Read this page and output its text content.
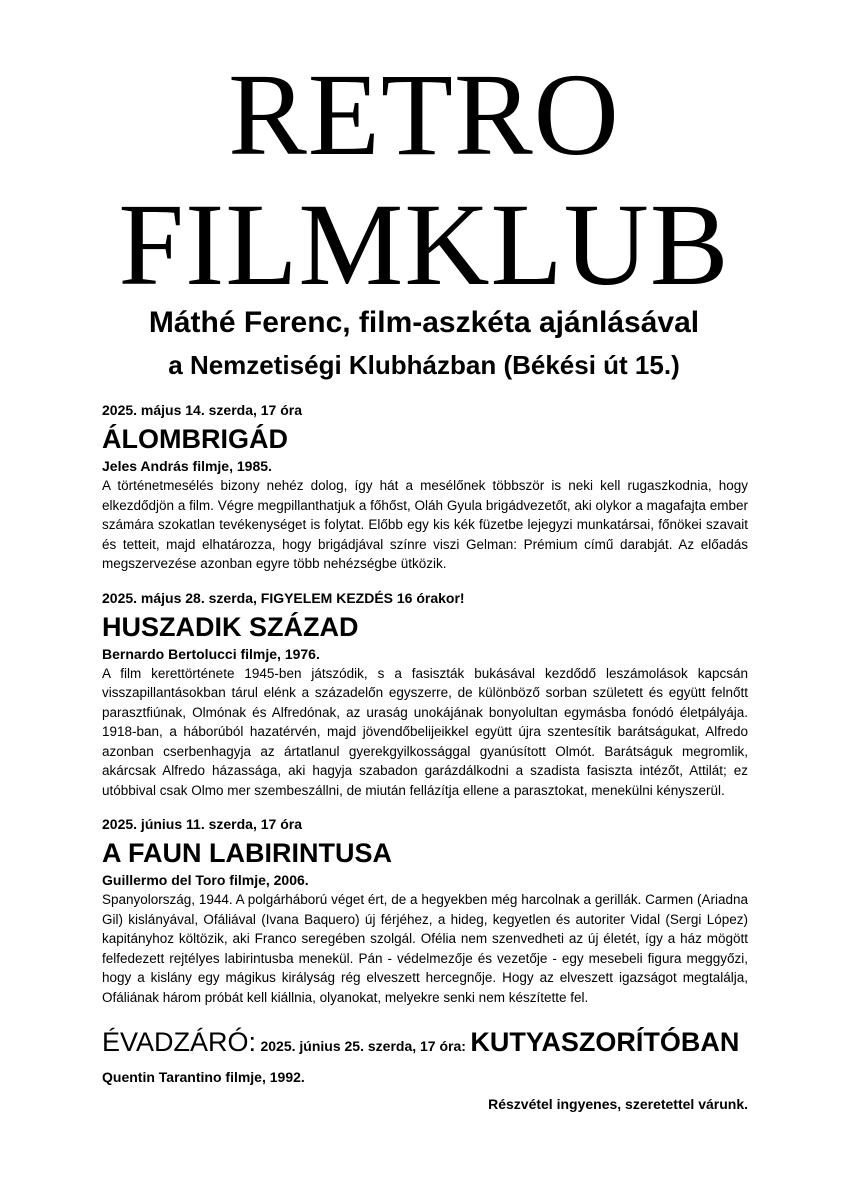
RETRO
FILMKLUB
Máthé Ferenc, film-aszkéta ajánlásával
a Nemzetiségi Klubházban (Békési út 15.)
2025. május 14. szerda, 17 óra
ÁLOMBRIGÁD
Jeles András filmje, 1985.
A történetmesélés bizony nehéz dolog, így hát a mesélőnek többször is neki kell rugaszkodnia, hogy elkezdődjön a film. Végre megpillanthatjuk a főhőst, Oláh Gyula brigádvezetőt, aki olykor a magafajta ember számára szokatlan tevékenységet is folytat. Előbb egy kis kék füzetbe lejegyzi munkatársai, főnökei szavait és tetteit, majd elhatározza, hogy brigádjával színre viszi Gelman: Prémium című darabját. Az előadás megszervezése azonban egyre több nehézségbe ütközik.
2025. május 28. szerda, FIGYELEM KEZDÉS 16 órakor!
HUSZADIK SZÁZAD
Bernardo Bertolucci filmje, 1976.
A film kerettörténete 1945-ben játszódik, s a fasiszták bukásával kezdődő leszámolások kapcsán visszapillantásokban tárul elénk a századelőn egyszerre, de különböző sorban született és együtt felnőtt parasztfiúnak, Olmónak és Alfredónak, az uraság unokájának bonyolultan egymásba fonódó életpályája. 1918-ban, a háborúból hazatérvén, majd jövendőbelijeikkel együtt újra szentesítik barátságukat, Alfredo azonban cserbenhagyja az ártatlanul gyerekgyilkossággal gyanúsított Olmót. Barátságuk megromlik, akárcsak Alfredo házassága, aki hagyja szabadon garázdálkodni a szadista fasiszta intézőt, Attilát; ez utóbbival csak Olmo mer szembeszállni, de miután fellázítja ellene a parasztokat, menekülni kényszerül.
2025. június 11. szerda, 17 óra
A FAUN LABIRINTUSA
Guillermo del Toro filmje, 2006.
Spanyolország, 1944. A polgárháború véget ért, de a hegyekben még harcolnak a gerillák. Carmen (Ariadna Gil) kislányával, Ofáliával (Ivana Baquero) új férjéhez, a hideg, kegyetlen és autoriter Vidal (Sergi López) kapitányhoz költözik, aki Franco seregében szolgál. Ofélia nem szenvedheti az új életét, így a ház mögött felfedezett rejtélyes labirintusba menekül. Pán - védelmezője és vezetője - egy mesebeli figura meggyőzi, hogy a kislány egy mágikus királyság rég elveszett hercegnője. Hogy az elveszett igazságot megtalálja, Ofáliának három próbát kell kiállnia, olyanokat, melyekre senki nem készítette fel.
ÉVADZÁRÓ: 2025. június 25. szerda, 17 óra: KUTYASZORÍTÓBAN
Quentin Tarantino filmje, 1992.
Részvétel ingyenes, szeretettel várunk.
